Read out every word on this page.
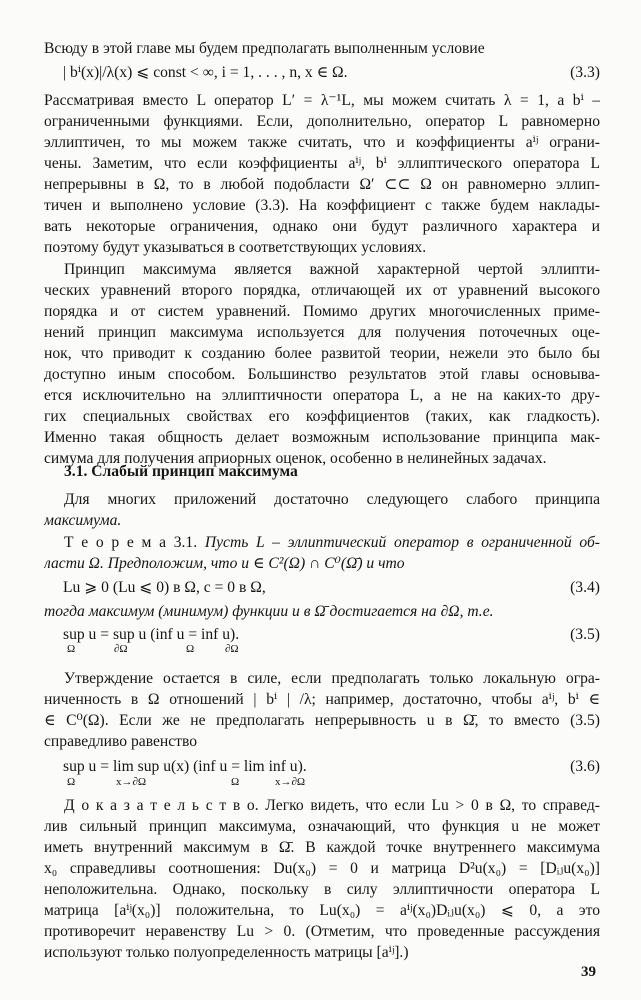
Всюду в этой главе мы будем предполагать выполненным условие
| bⁱ(x)|/λ(x) ⩽ const < ∞, i = 1, . . . , n, x ∈ Ω.	(3.3)
Рассматривая вместо L оператор L′ = λ⁻¹L, мы можем считать λ = 1, а bⁱ –
ограниченными функциями. Если, дополнительно, оператор L равномерно
эллиптичен, то мы можем также считать, что и коэффициенты aⁱʲ ограни-
чены. Заметим, что если коэффициенты aⁱʲ, bⁱ эллиптического оператора L
непрерывны в Ω, то в любой подобласти Ω′ ⊂⊂ Ω он равномерно эллип-
тичен и выполнено условие (3.3). На коэффициент c также будем наклады-
вать некоторые ограничения, однако они будут различного характера и
поэтому будут указываться в соответствующих условиях.
Принцип максимума является важной характерной чертой эллипти-
ческих уравнений второго порядка, отличающей их от уравнений высокого
порядка и от систем уравнений. Помимо других многочисленных приме-
нений принцип максимума используется для получения поточечных оце-
нок, что приводит к созданию более развитой теории, нежели это было бы
доступно иным способом. Большинство результатов этой главы основыва-
ется исключительно на эллиптичности оператора L, а не на каких-то дру-
гих специальных свойствах его коэффициентов (таких, как гладкость).
Именно такая общность делает возможным использование принципа мак-
симума для получения априорных оценок, особенно в нелинейных задачах.
3.1. Слабый принцип максимума
Для многих приложений достаточно следующего слабого принципа
максимума.
Т е о р е м а 3.1. Пусть L – эллиптический оператор в ограниченной об-
ласти Ω. Предположим, что u ∈ C²(Ω) ∩ C⁰(Ω̄) и что
Lu ⩾ 0 (Lu ⩽ 0) в Ω, c = 0 в Ω,	(3.4)
тогда максимум (минимум) функции u в Ω̄ достигается на ∂Ω, т.е.
sup u = sup u (inf u = inf u).	(3.5)
Ω	∂Ω	Ω	∂Ω
Утверждение остается в силе, если предполагать только локальную огра-
ниченность в Ω отношений | bⁱ | /λ; например, достаточно, чтобы aⁱʲ, bⁱ ∈
∈ C⁰(Ω). Если же не предполагать непрерывность u в Ω̄, то вместо (3.5)
справедливо равенство
sup u = lim sup u(x) (inf u = lim inf u).	(3.6)
Ω	x→∂Ω	Ω	x→∂Ω
Д о к а з а т е л ь с т в о. Легко видеть, что если Lu > 0 в Ω, то справед-
лив сильный принцип максимума, означающий, что функция u не может
иметь внутренний максимум в Ω̄. В каждой точке внутреннего максимума
x₀ справедливы соотношения: Du(x₀) = 0 и матрица D²u(x₀) = [Dᵢⱼu(x₀)]
неположительна. Однако, поскольку в силу эллиптичности оператора L
матрица [aⁱʲ(x₀)] положительна, то Lu(x₀) = aⁱʲ(x₀)Dᵢⱼu(x₀) ⩽ 0, а это
противоречит неравенству Lu > 0. (Отметим, что проведенные рассуждения
используют только полуопределенность матрицы [aⁱʲ].)
39
